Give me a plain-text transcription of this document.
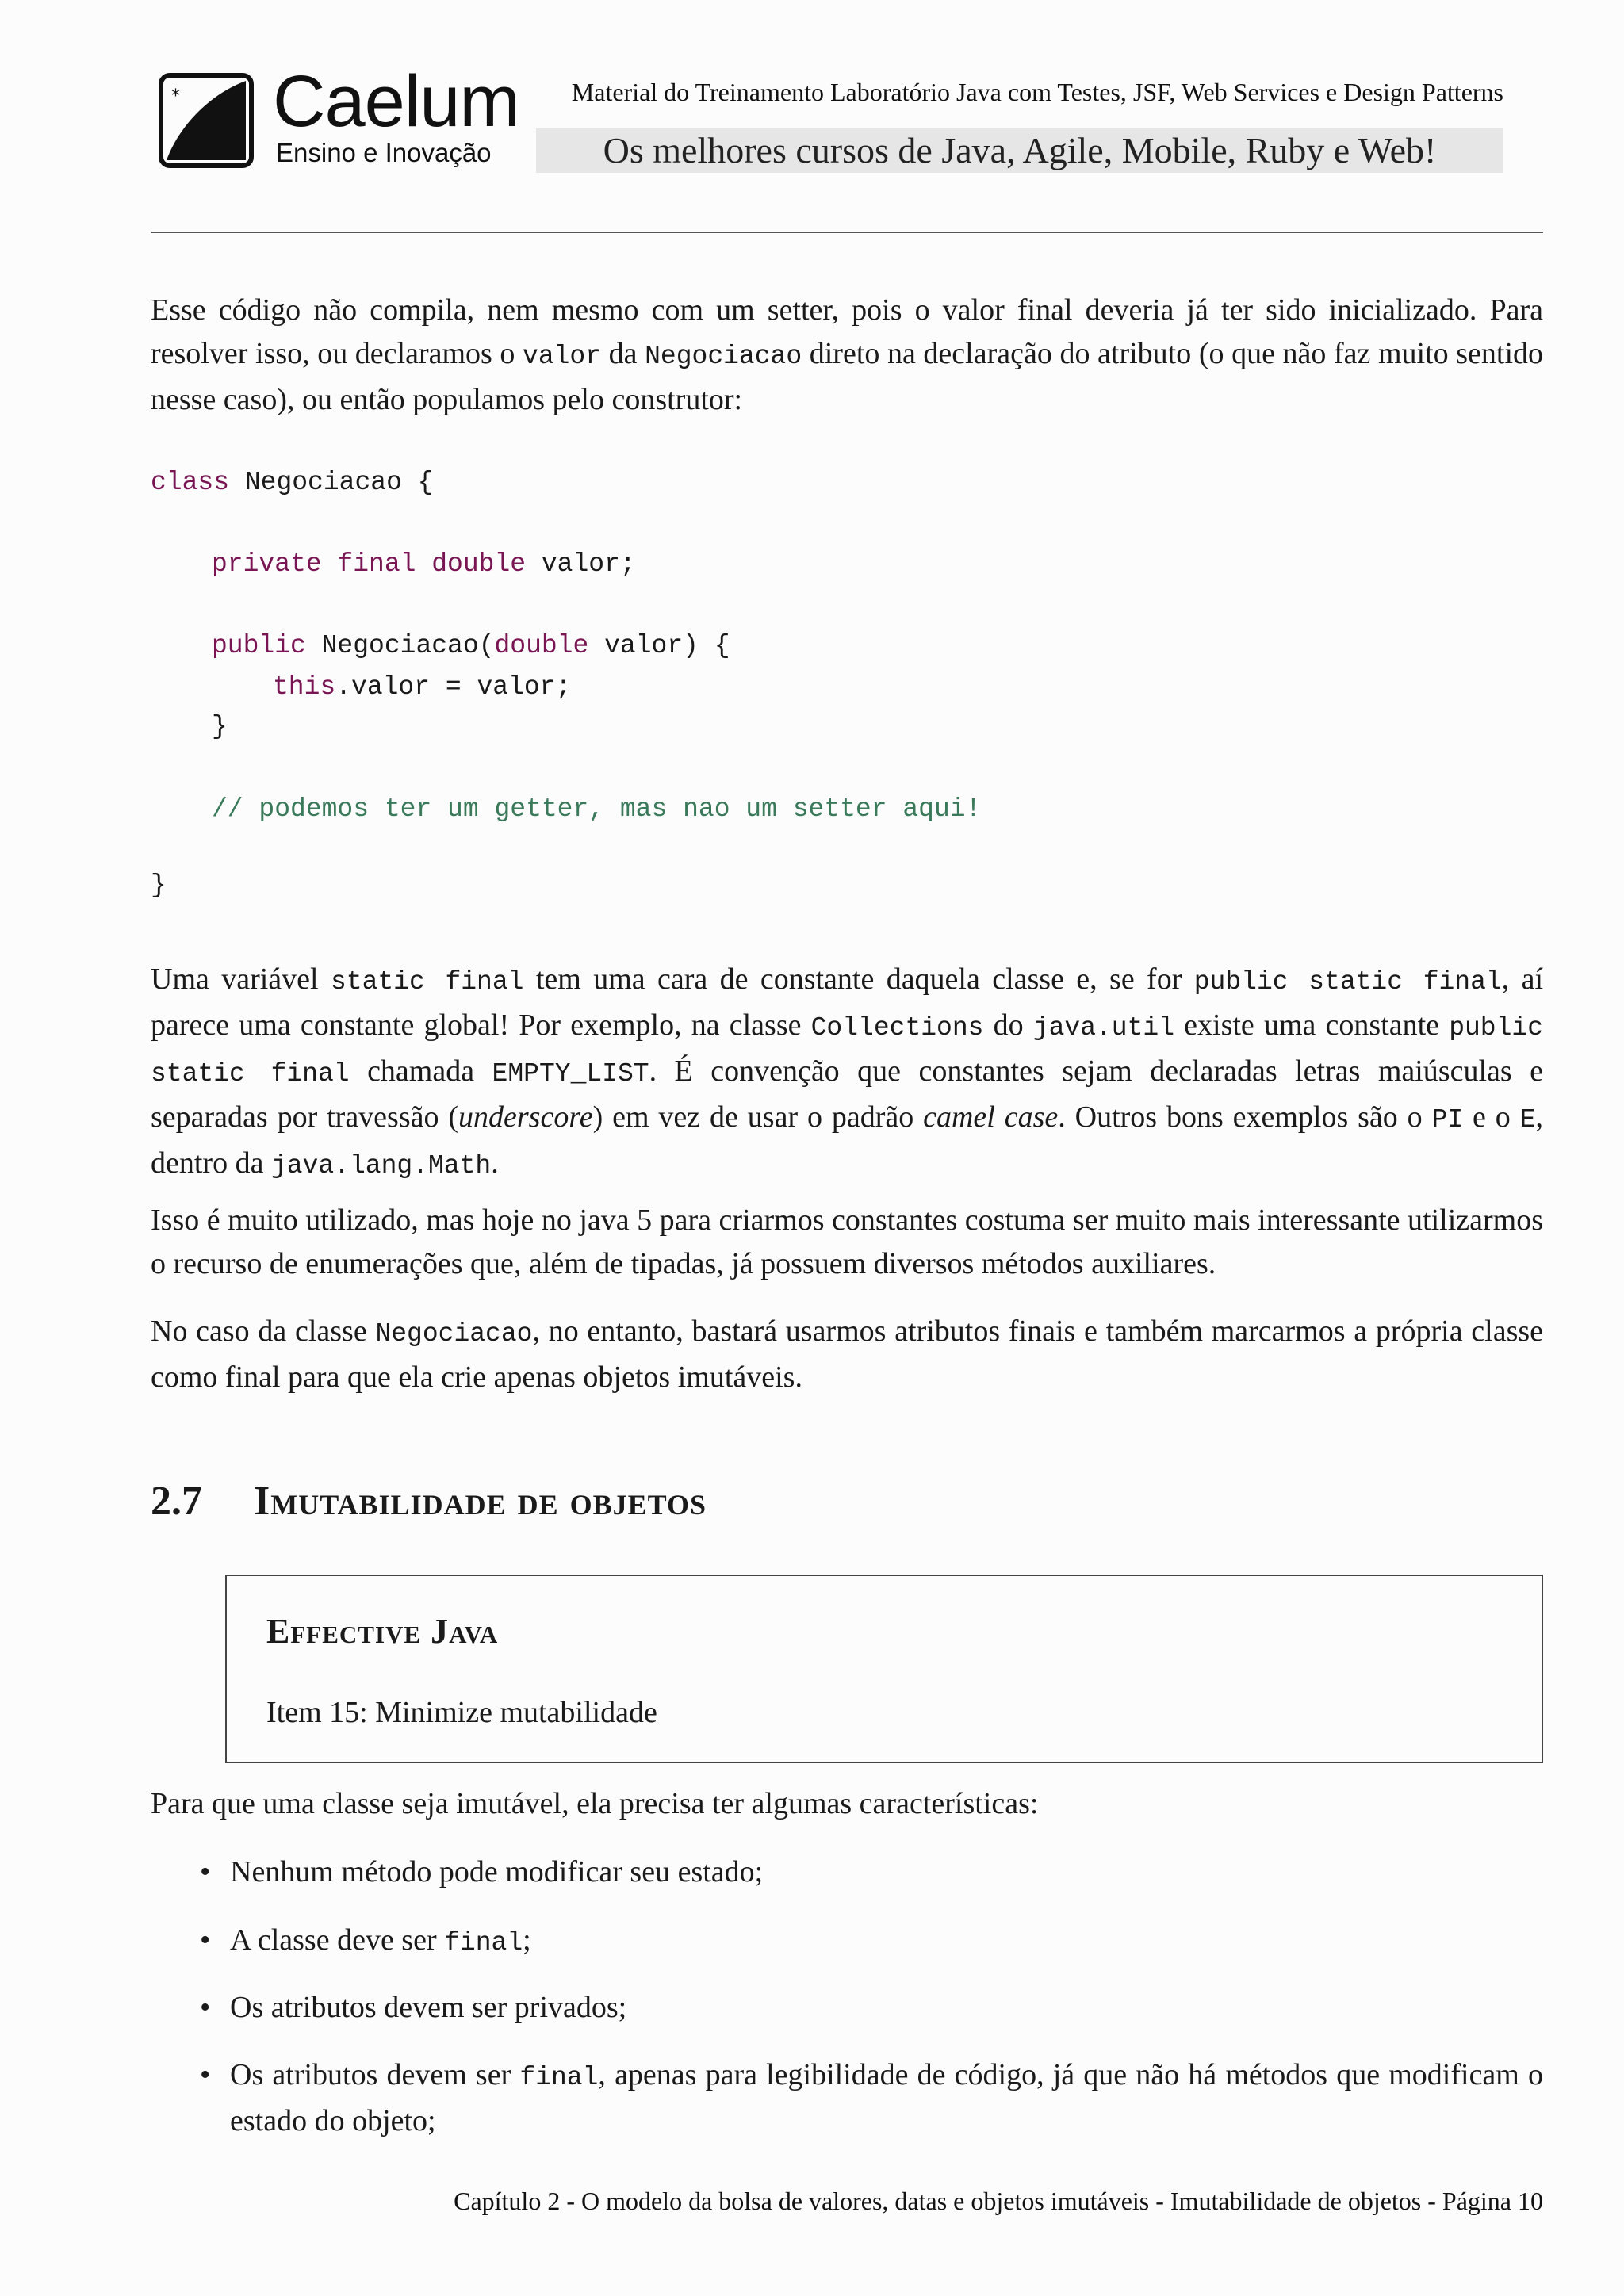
* Caelum
Ensino e Inovação
Material do Treinamento Laboratório Java com Testes, JSF, Web Services e Design Patterns
Os melhores cursos de Java, Agile, Mobile, Ruby e Web!
Esse código não compila, nem mesmo com um setter, pois o valor final deveria já ter sido inicializado. Para resolver isso, ou declaramos o valor da Negociacao direto na declaração do atributo (o que não faz muito sentido nesse caso), ou então populamos pelo construtor:
class Negociacao {
private final double valor;
public Negociacao(double valor) {
this.valor = valor;
}
// podemos ter um getter, mas nao um setter aqui!
}
Uma variável static final tem uma cara de constante daquela classe e, se for public static final, aí parece uma constante global! Por exemplo, na classe Collections do java.util existe uma constante public static final chamada EMPTY_LIST. É convenção que constantes sejam declaradas letras maiúsculas e separadas por travessão (underscore) em vez de usar o padrão camel case. Outros bons exemplos são o PI e o E, dentro da java.lang.Math.
Isso é muito utilizado, mas hoje no java 5 para criarmos constantes costuma ser muito mais interessante utilizarmos o recurso de enumerações que, além de tipadas, já possuem diversos métodos auxiliares.
No caso da classe Negociacao, no entanto, bastará usarmos atributos finais e também marcarmos a própria classe como final para que ela crie apenas objetos imutáveis.
2.7 Imutabilidade de objetos
Effective Java
Item 15: Minimize mutabilidade
Para que uma classe seja imutável, ela precisa ter algumas características:
• Nenhum método pode modificar seu estado;
• A classe deve ser final;
• Os atributos devem ser privados;
• Os atributos devem ser final, apenas para legibilidade de código, já que não há métodos que modificam o estado do objeto;
Capítulo 2 - O modelo da bolsa de valores, datas e objetos imutáveis - Imutabilidade de objetos - Página 10
